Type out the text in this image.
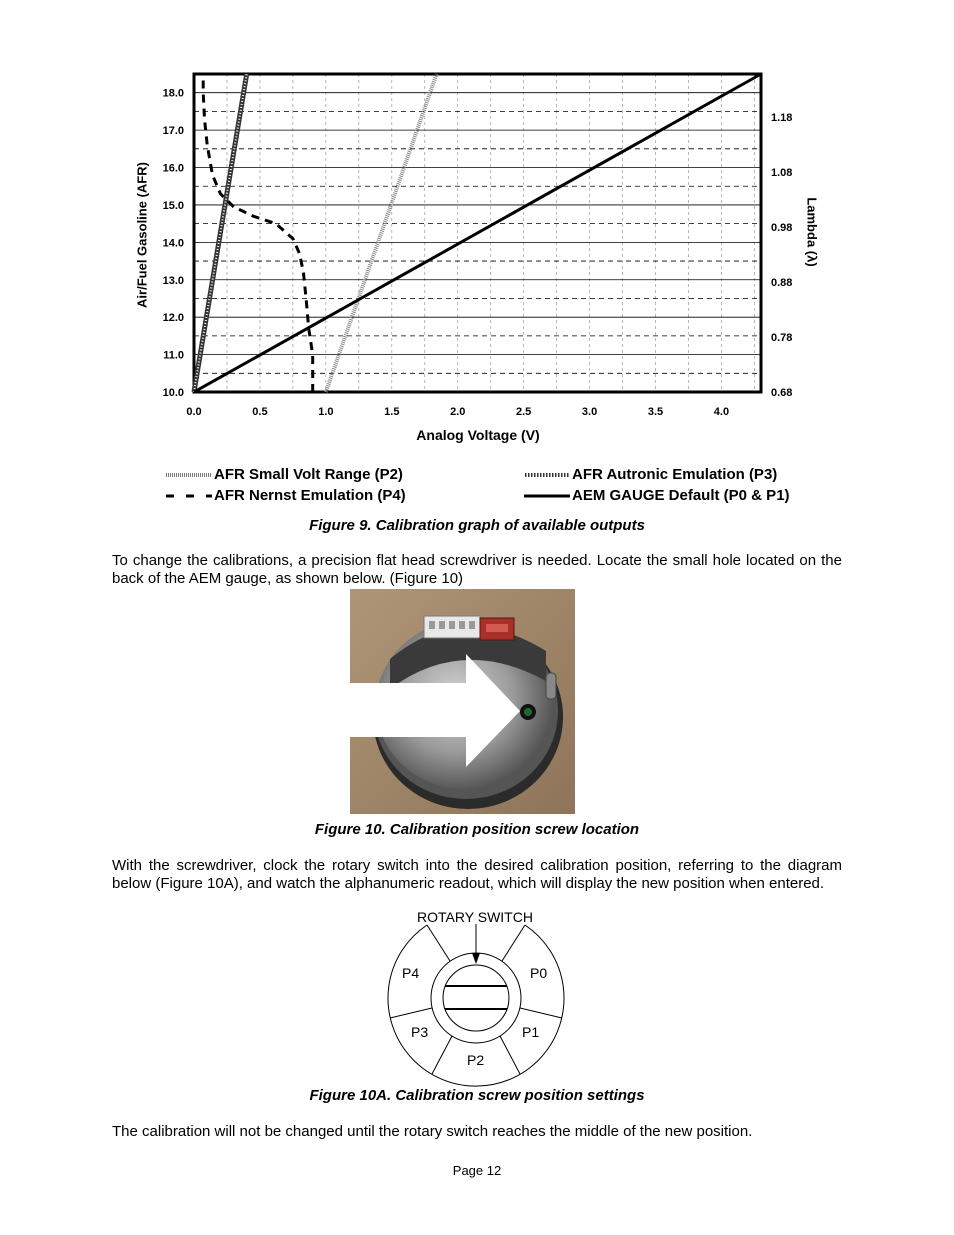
Air/Fuel Gasoline (AFR)	Lambda (λ)
0.0	0.5	1.0	1.5	2.0	2.5	3.0	3.5	4.0
10.0
11.0
12.0
13.0
14.0
15.0
16.0
17.0
18.0
0.68
0.78
0.88
0.98
1.08
1.18
Analog Voltage (V)
AFR Small Volt Range (P2)
AFR Nernst Emulation (P4)
AFR Autronic Emulation (P3)
AEM GAUGE Default (P0 & P1)
Figure 9. Calibration graph of available outputs
To change the calibrations, a precision flat head screwdriver is needed. Locate the small hole located on the back of the AEM gauge, as shown below. (Figure 10)
Figure 10. Calibration position screw location
With the screwdriver, clock the rotary switch into the desired calibration position, referring to the diagram below (Figure 10A), and watch the alphanumeric readout, which will display the new position when entered.
ROTARY SWITCH
P0
P1
P2
P3
P4
Figure 10A. Calibration screw position settings
The calibration will not be changed until the rotary switch reaches the middle of the new position.
Page 12
